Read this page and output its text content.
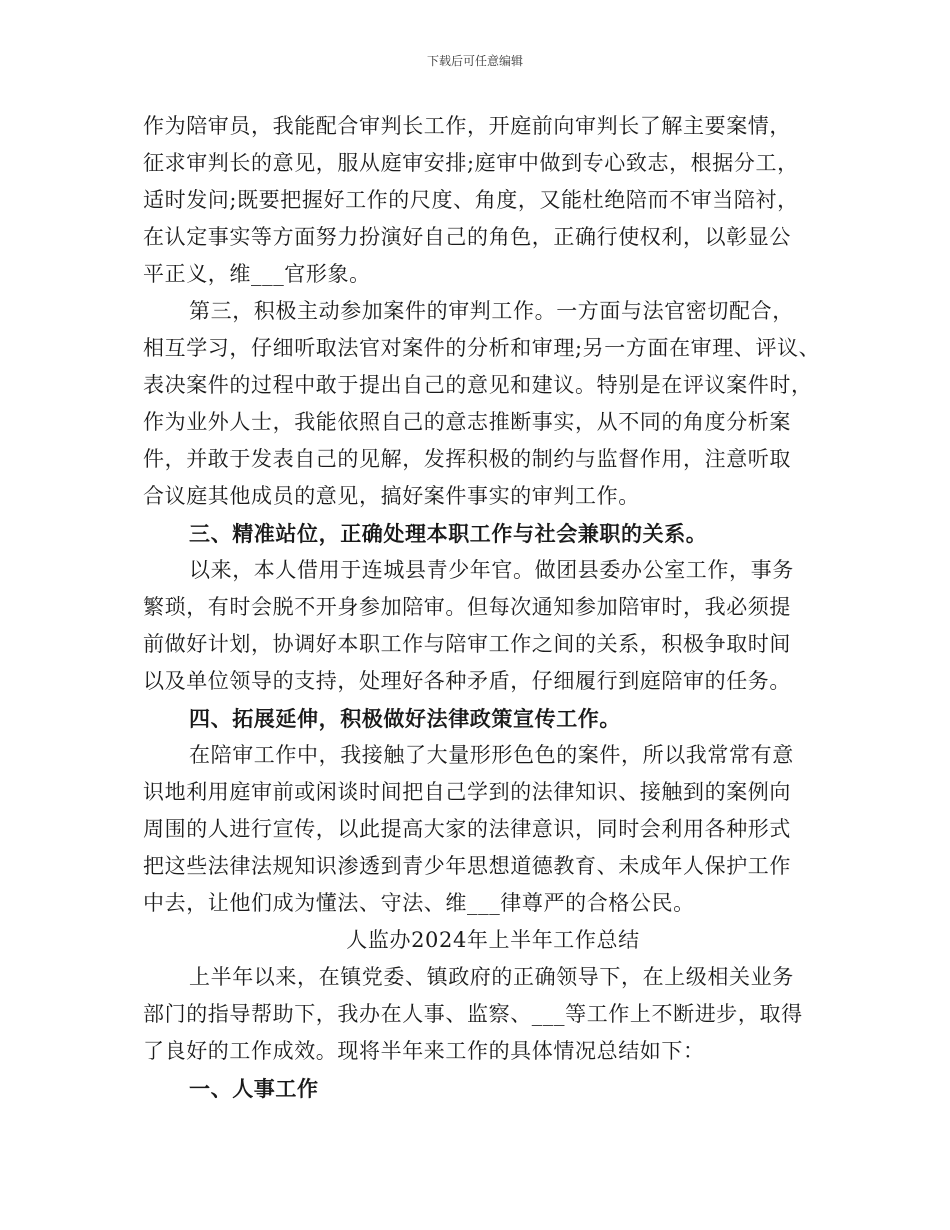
下载后可任意编辑
作为陪审员，我能配合审判长工作，开庭前向审判长了解主要案情，
征求审判长的意见，服从庭审安排;庭审中做到专心致志，根据分工，
适时发问;既要把握好工作的尺度、角度，又能杜绝陪而不审当陪衬，
在认定事实等方面努力扮演好自己的角色，正确行使权利，以彰显公
平正义，维___官形象。
第三，积极主动参加案件的审判工作。一方面与法官密切配合，
相互学习，仔细听取法官对案件的分析和审理;另一方面在审理、评议、
表决案件的过程中敢于提出自己的意见和建议。特别是在评议案件时，
作为业外人士，我能依照自己的意志推断事实，从不同的角度分析案
件，并敢于发表自己的见解，发挥积极的制约与监督作用，注意听取
合议庭其他成员的意见，搞好案件事实的审判工作。
三、精准站位，正确处理本职工作与社会兼职的关系。
以来，本人借用于连城县青少年官。做团县委办公室工作，事务
繁琐，有时会脱不开身参加陪审。但每次通知参加陪审时，我必须提
前做好计划，协调好本职工作与陪审工作之间的关系，积极争取时间
以及单位领导的支持，处理好各种矛盾，仔细履行到庭陪审的任务。
四、拓展延伸，积极做好法律政策宣传工作。
在陪审工作中，我接触了大量形形色色的案件，所以我常常有意
识地利用庭审前或闲谈时间把自己学到的法律知识、接触到的案例向
周围的人进行宣传，以此提高大家的法律意识，同时会利用各种形式
把这些法律法规知识渗透到青少年思想道德教育、未成年人保护工作
中去，让他们成为懂法、守法、维___律尊严的合格公民。
人监办2024年上半年工作总结
上半年以来，在镇党委、镇政府的正确领导下，在上级相关业务
部门的指导帮助下，我办在人事、监察、___等工作上不断进步，取得
了良好的工作成效。现将半年来工作的具体情况总结如下：
一、人事工作
